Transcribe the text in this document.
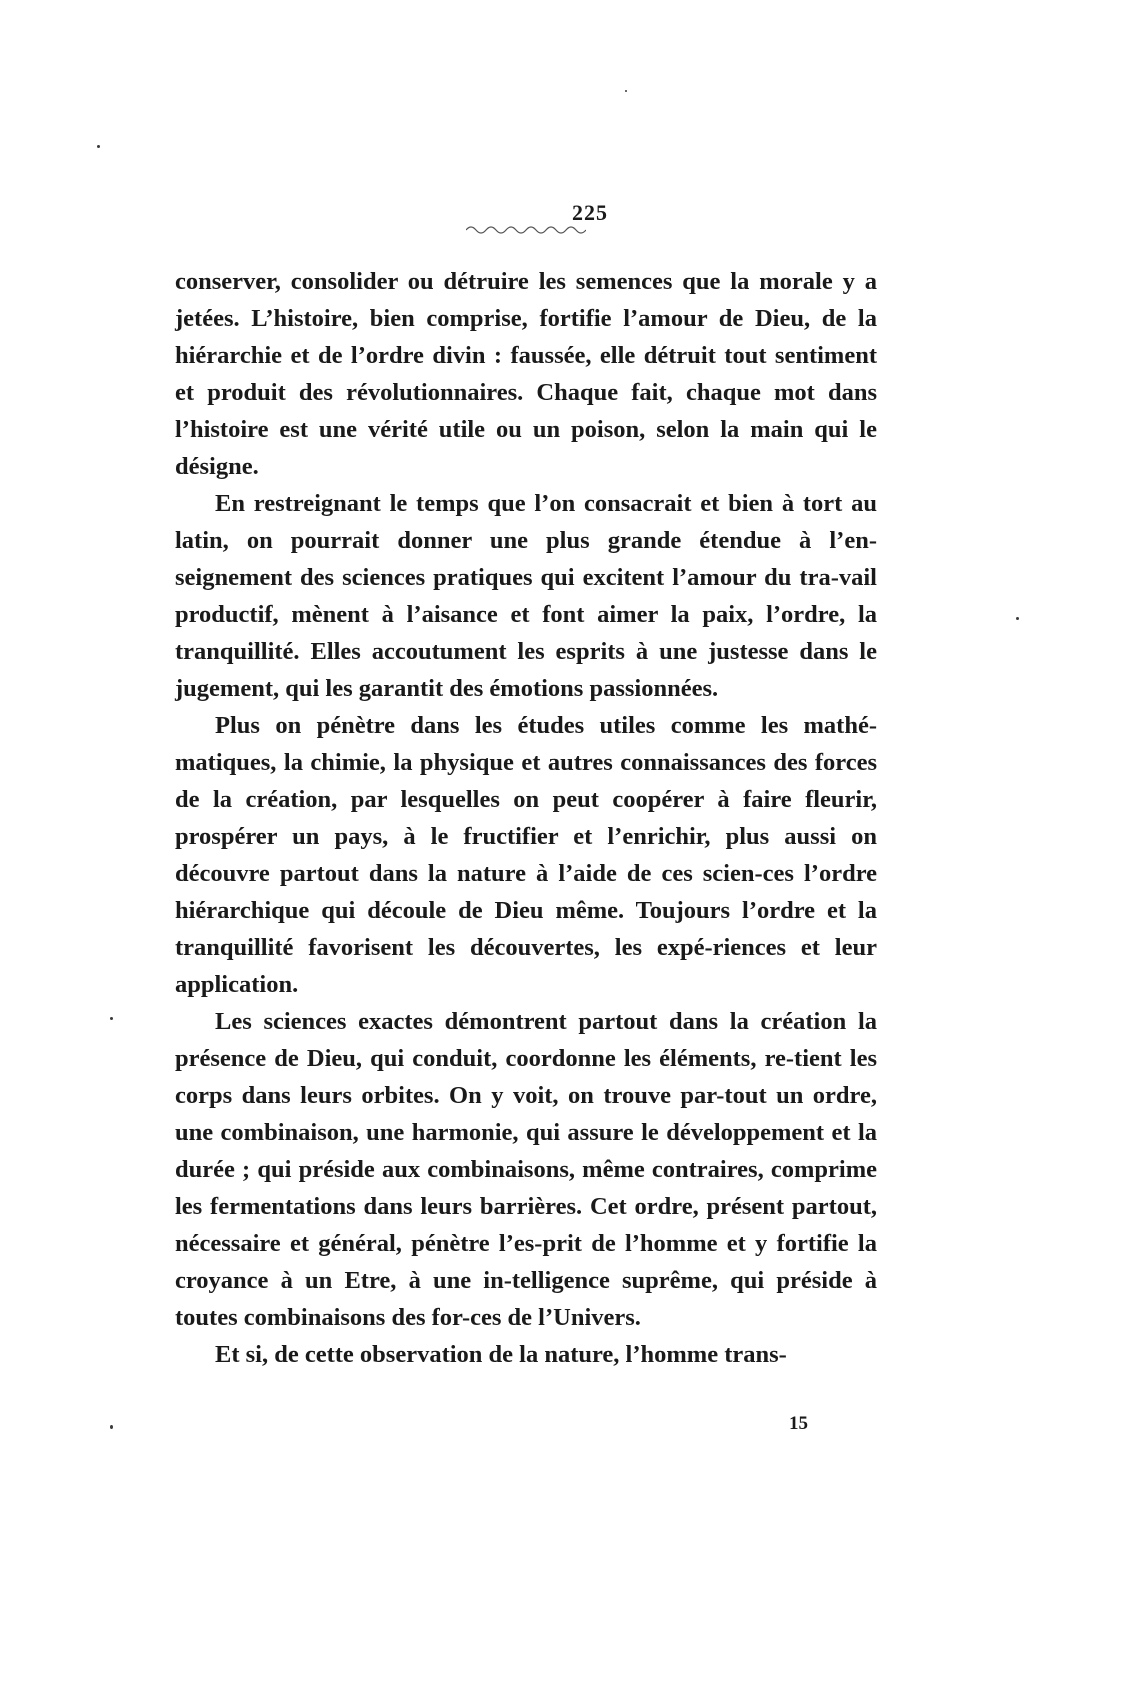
225

conserver, consolider ou détruire les semences que la morale y a jetées. L’histoire, bien comprise, fortifie l’amour de Dieu, de la hiérarchie et de l’ordre divin : faussée, elle détruit tout sentiment et produit des révolutionnaires. Chaque fait, chaque mot dans l’histoire est une vérité utile ou un poison, selon la main qui le désigne.

En restreignant le temps que l’on consacrait et bien à tort au latin, on pourrait donner une plus grande étendue à l’en-seignement des sciences pratiques qui excitent l’amour du tra-vail productif, mènent à l’aisance et font aimer la paix, l’ordre, la tranquillité. Elles accoutument les esprits à une justesse dans le jugement, qui les garantit des émotions passionnées.

Plus on pénètre dans les études utiles comme les mathé-matiques, la chimie, la physique et autres connaissances des forces de la création, par lesquelles on peut coopérer à faire fleurir, prospérer un pays, à le fructifier et l’enrichir, plus aussi on découvre partout dans la nature à l’aide de ces scien-ces l’ordre hiérarchique qui découle de Dieu même. Toujours l’ordre et la tranquillité favorisent les découvertes, les expé-riences et leur application.

Les sciences exactes démontrent partout dans la création la présence de Dieu, qui conduit, coordonne les éléments, re-tient les corps dans leurs orbites. On y voit, on trouve par-tout un ordre, une combinaison, une harmonie, qui assure le développement et la durée ; qui préside aux combinaisons, même contraires, comprime les fermentations dans leurs barrières. Cet ordre, présent partout, nécessaire et général, pénètre l’es-prit de l’homme et y fortifie la croyance à un Etre, à une in-telligence suprême, qui préside à toutes combinaisons des for-ces de l’Univers.

Et si, de cette observation de la nature, l’homme trans-

15
